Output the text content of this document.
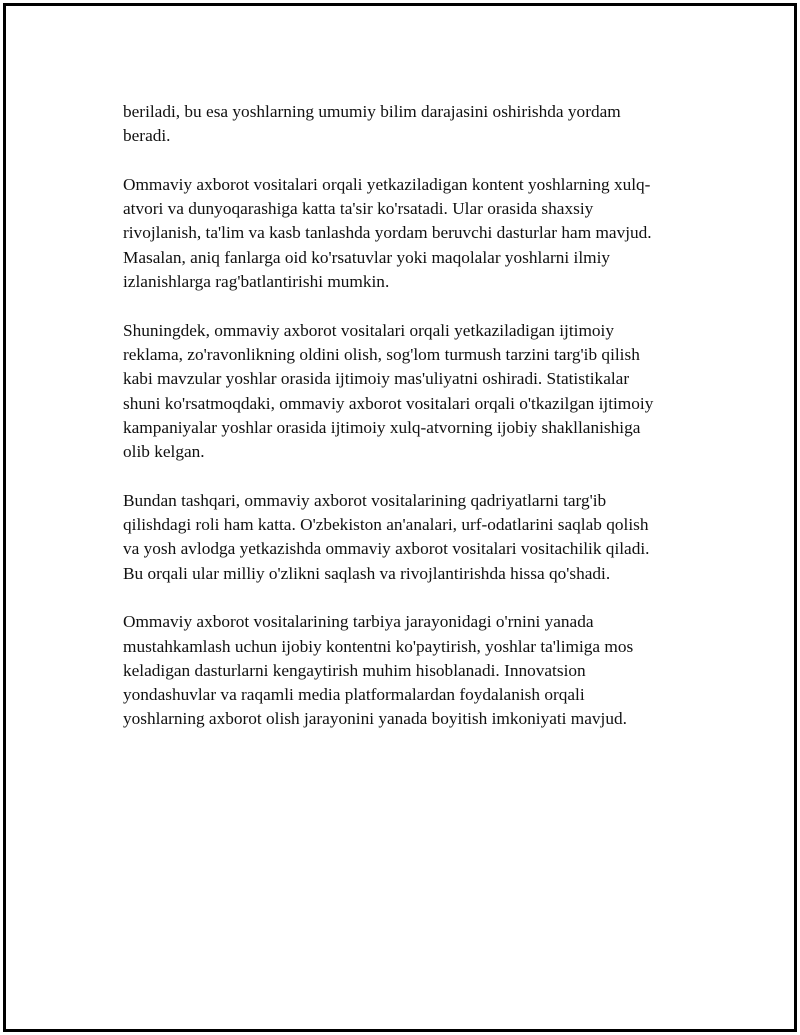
beriladi, bu esa yoshlarning umumiy bilim darajasini oshirishda yordam
beradi.

Ommaviy axborot vositalari orqali yetkaziladigan kontent yoshlarning xulq-
atvori va dunyoqarashiga katta ta'sir ko'rsatadi. Ular orasida shaxsiy
rivojlanish, ta'lim va kasb tanlashda yordam beruvchi dasturlar ham mavjud.
Masalan, aniq fanlarga oid ko'rsatuvlar yoki maqolalar yoshlarni ilmiy
izlanishlarga rag'batlantirishi mumkin.

Shuningdek, ommaviy axborot vositalari orqali yetkaziladigan ijtimoiy
reklama, zo'ravonlikning oldini olish, sog'lom turmush tarzini targ'ib qilish
kabi mavzular yoshlar orasida ijtimoiy mas'uliyatni oshiradi. Statistikalar
shuni ko'rsatmoqdaki, ommaviy axborot vositalari orqali o'tkazilgan ijtimoiy
kampaniyalar yoshlar orasida ijtimoiy xulq-atvorning ijobiy shakllanishiga
olib kelgan.

Bundan tashqari, ommaviy axborot vositalarining qadriyatlarni targ'ib
qilishdagi roli ham katta. O'zbekiston an'analari, urf-odatlarini saqlab qolish
va yosh avlodga yetkazishda ommaviy axborot vositalari vositachilik qiladi.
Bu orqali ular milliy o'zlikni saqlash va rivojlantirishda hissa qo'shadi.

Ommaviy axborot vositalarining tarbiya jarayonidagi o'rnini yanada
mustahkamlash uchun ijobiy kontentni ko'paytirish, yoshlar ta'limiga mos
keladigan dasturlarni kengaytirish muhim hisoblanadi. Innovatsion
yondashuvlar va raqamli media platformalardan foydalanish orqali
yoshlarning axborot olish jarayonini yanada boyitish imkoniyati mavjud.
